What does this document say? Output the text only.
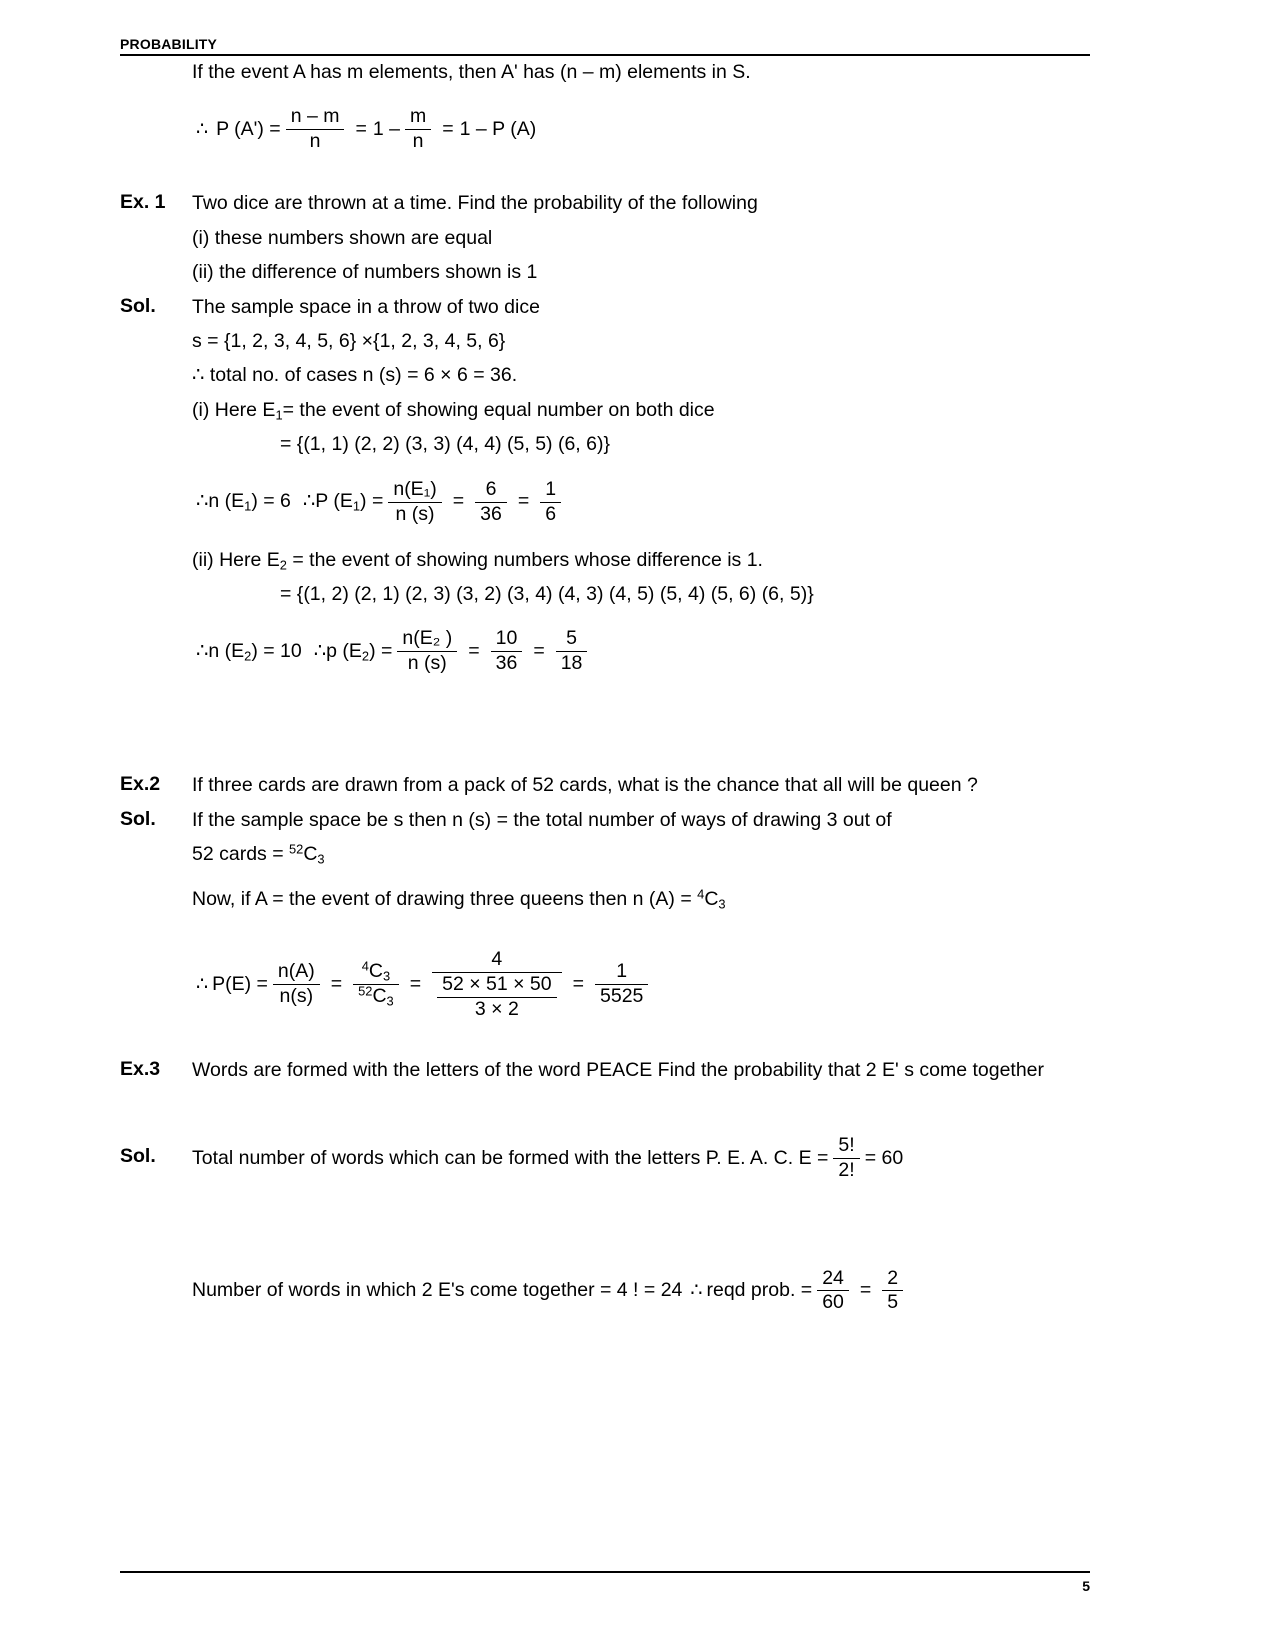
PROBABILITY
If the event A has m elements, then A' has (n – m) elements in S.
∴ P $(A') = \frac{n - m}{n} = 1 - \frac{m}{n} = 1 - P$ (A)
Ex. 1	Two dice are thrown at a time. Find the probability of the following
(i) these numbers shown are equal
(ii) the difference of numbers shown is 1
Sol.	The sample space in a throw of two dice
s = {1, 2, 3, 4, 5, 6} ×{1, 2, 3, 4, 5, 6}
∴ total no. of cases n (s) = 6 × 6 = 36.
(i) Here $E_1=$ the event of showing equal number on both dice
= {(1, 1) (2, 2) (3, 3) (4, 4) (5, 5) (6, 6)}
∴n $(E_1) = 6$ ∴P $(E_1) = \frac{\text{n(E₁)}}{n (s)} = \frac{6}{36} = \frac{1}{6}$
(ii) Here $E_2$ = the event of showing numbers whose difference is 1.
= {(1, 2) (2, 1) (2, 3) (3, 2) (3, 4) (4, 3) (4, 5) (5, 4) (5, 6) (6, 5)}
∴n $(E_2) = 10$ ∴p $(E_2) = \frac{\text{n(E₂ )}}{n (s)} = \frac{10}{36} = \frac{5}{18}$
Ex.2	If three cards are drawn from a pack of 52 cards, what is the chance that all will be queen ?
Sol.	If the sample space be s then n (s) = the total number of ways of drawing 3 out of
52 cards = $^{52}C_3$
Now, if A = the event of drawing three queens then n $(A) = ^4C_3$
∴ $P(E) = \frac{n(A)}{n(s)} = \frac{^4C_3}{^{52}C_3} = \frac{4}{\frac{52 \times 51 \times 50}{3 \times 2}} = \frac{1}{5525}$
Ex.3	Words are formed with the letters of the word PEACE Find the probability that 2 E' s come together
Sol.	Total number of words which can be formed with the letters P. E. A. C. $E = \frac{5!}{2!} = 60$
Number of words in which 2 E's come together = 4 ! = 24 ∴ reqd prob. = $\frac{24}{60} = \frac{2}{5}$
5
